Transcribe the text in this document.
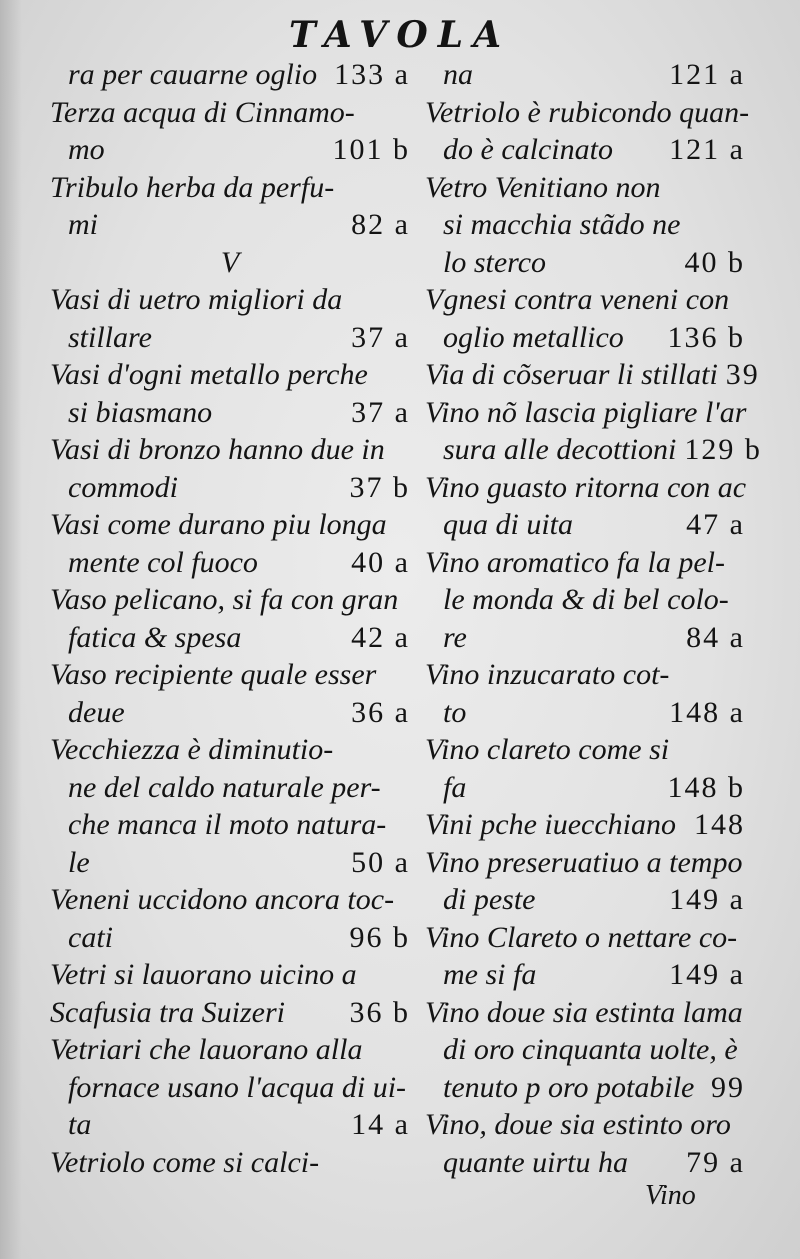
TAVOLA
ra per cauarne oglio 133 a
Terza acqua di Cinnamo-
mo	101 b
Tribulo herba da perfu-
mi	82 a
V
Vasi di uetro migliori da
stillare	37 a
Vasi d'ogni metallo perche
si biasmano	37 a
Vasi di bronzo hanno due in
commodi	37 b
Vasi come durano piu longa
mente col fuoco	40 a
Vaso pelicano, si fa con gran
fatica & spesa	42 a
Vaso recipiente quale esser
deue	36 a
Vecchiezza è diminutio-
ne del caldo naturale per-
che manca il moto natura-
le	50 a
Veneni uccidono ancora toc-
cati	96 b
Vetri si lauorano uicino a
Scafusia tra Suizeri 36 b
Vetriari che lauorano alla
fornace usano l'acqua di ui-
ta	14 a
Vetriolo come si calci-
na	121 a
Vetriolo è rubicondo quan-
do è calcinato 121 a
Vetro Venitiano non
si macchia stãdo ne
lo sterco	40 b
Vgnesi contra veneni con
oglio metallico 136 b
Via di cõseruar li stillati 39
Vino nõ lascia pigliare l'ar
sura alle decottioni 129 b
Vino guasto ritorna con ac
qua di uita	47 a
Vino aromatico fa la pel-
le monda & di bel colo-
re	84 a
Vino inzucarato cot-
to	148 a
Vino clareto come si
fa	148 b
Vini pche iuecchiano 148
Vino preseruatiuo a tempo
di peste	149 a
Vino Clareto o nettare co-
me si fa	149 a
Vino doue sia estinta lama
di oro cinquanta uolte, è
tenuto p oro potabile 99
Vino, doue sia estinto oro
quante uirtu ha 79 a
Vino
